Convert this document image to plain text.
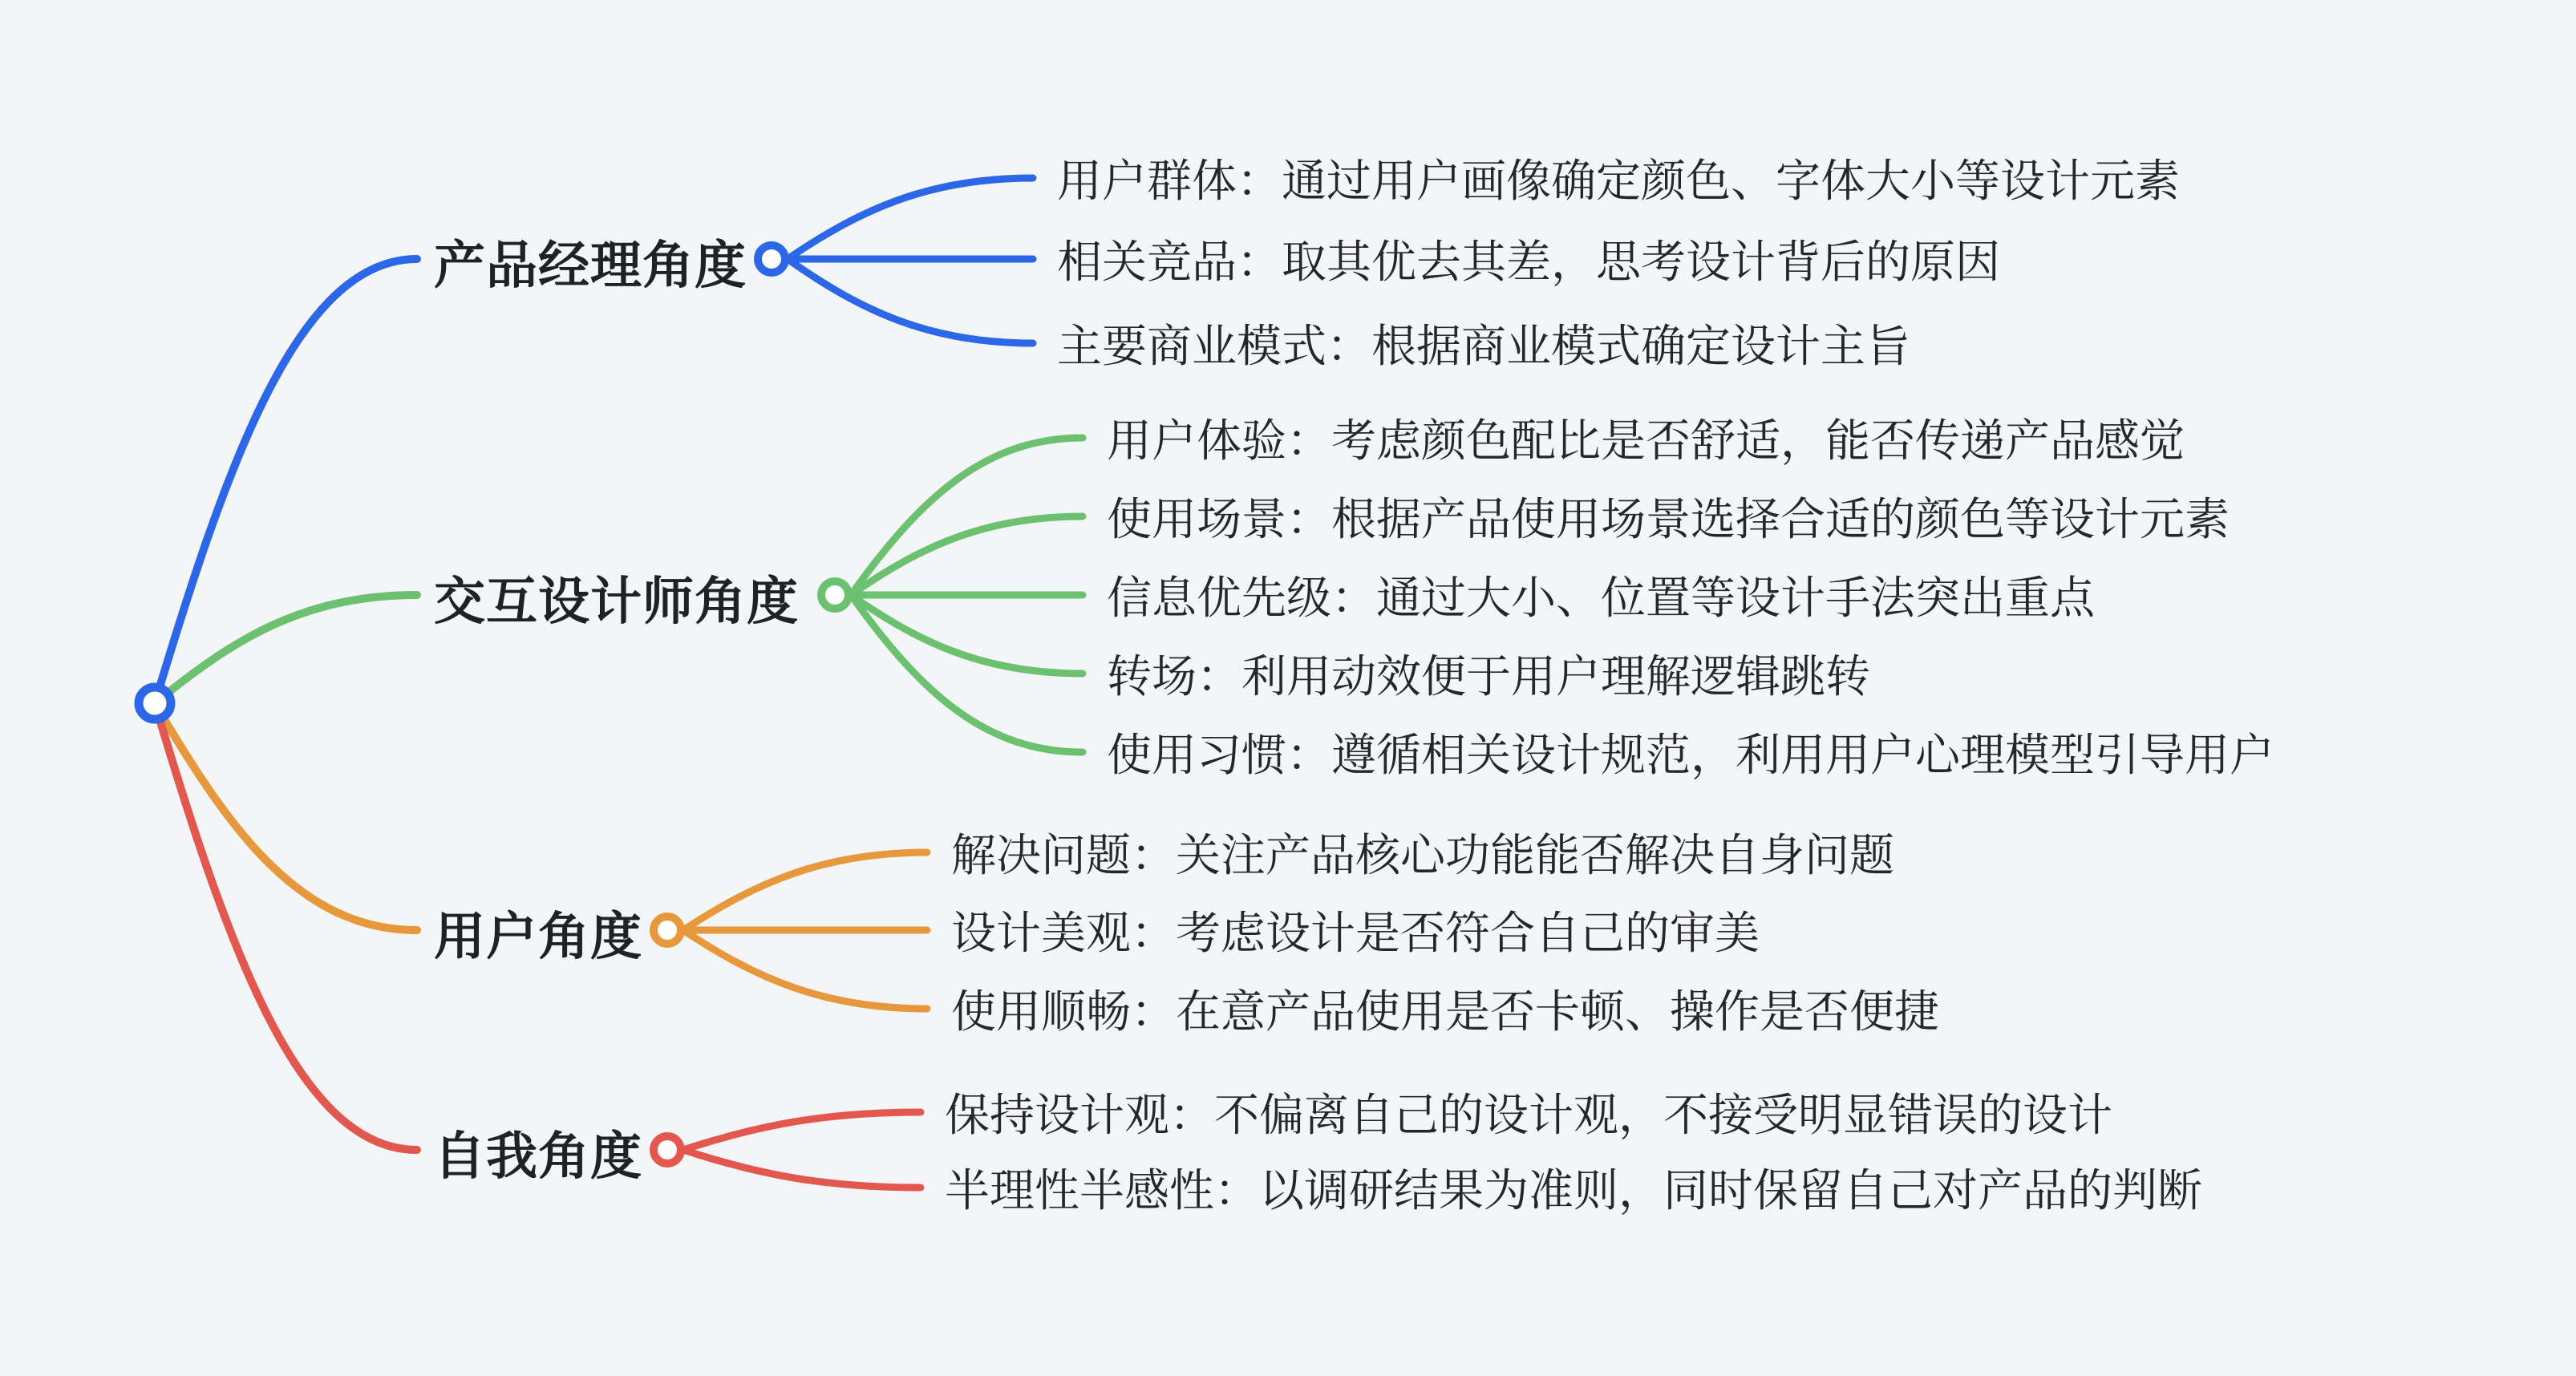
用户群体：通过用户画像确定颜色、字体大小等设计元素
相关竞品：取其优去其差，思考设计背后的原因
主要商业模式：根据商业模式确定设计主旨
产品经理角度
用户体验：考虑颜色配比是否舒适，能否传递产品感觉
使用场景：根据产品使用场景选择合适的颜色等设计元素
信息优先级：通过大小、位置等设计手法突出重点
转场：利用动效便于用户理解逻辑跳转
使用习惯：遵循相关设计规范，利用用户心理模型引导用户
交互设计师角度
解决问题：关注产品核心功能能否解决自身问题
设计美观：考虑设计是否符合自己的审美
使用顺畅：在意产品使用是否卡顿、操作是否便捷
用户角度
保持设计观：不偏离自己的设计观，不接受明显错误的设计
半理性半感性：以调研结果为准则，同时保留自己对产品的判断
自我角度
